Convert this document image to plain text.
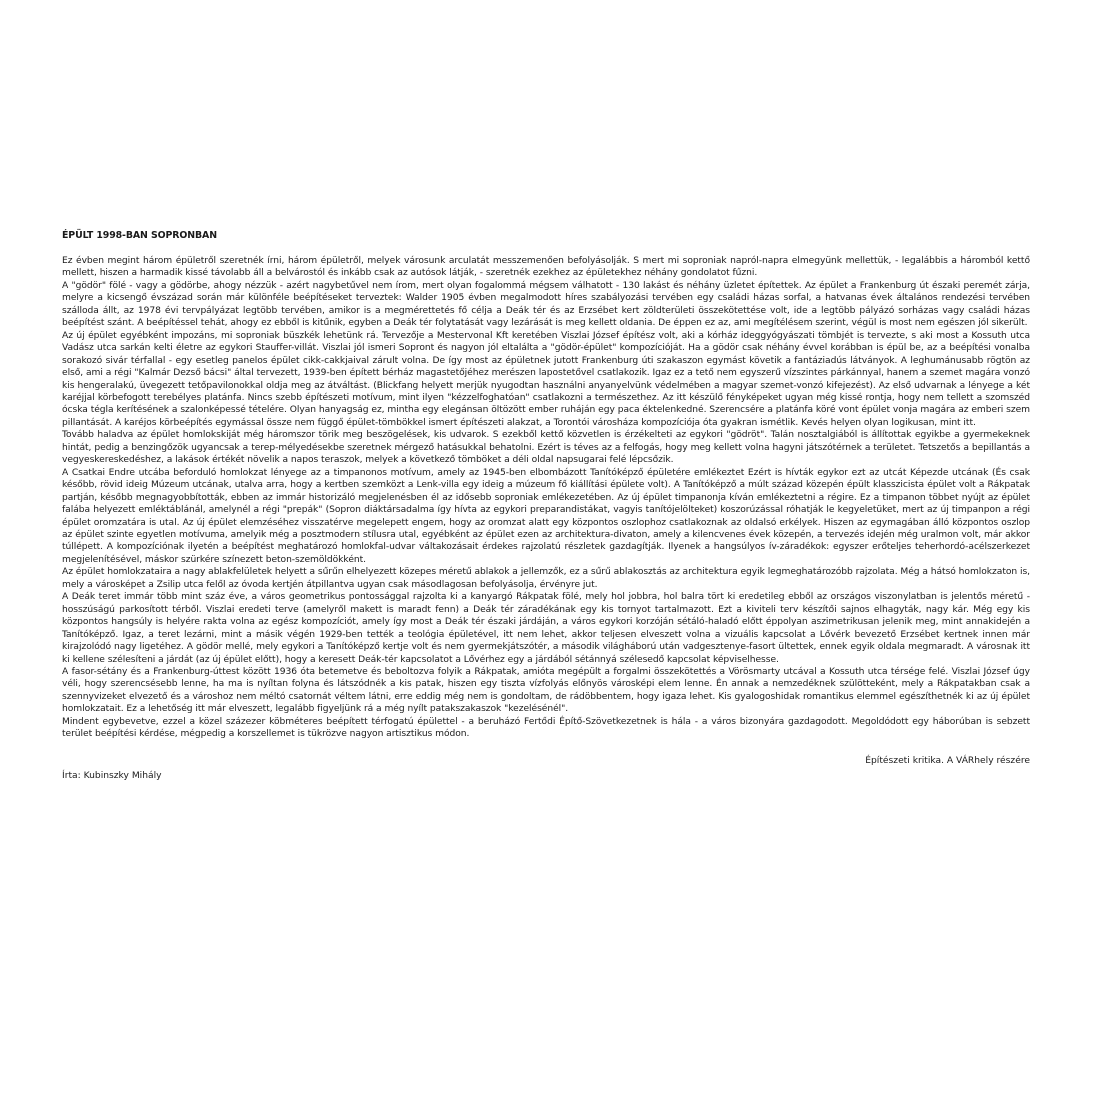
ÉPÜLT 1998-BAN SOPRONBAN

Ez évben megint három épületről szeretnék írni, három épületről, melyek városunk arculatát messzemenően befolyásolják. S mert mi soproniak napról-napra elmegyünk mellettük, - legalábbis a háromból kettő mellett, hiszen a harmadik kissé távolabb áll a belvárostól és inkább csak az autósok látják, - szeretnék ezekhez az épületekhez néhány gondolatot fűzni.

A "gödör" fölé - vagy a gödörbe, ahogy nézzük - azért nagybetűvel nem írom, mert olyan fogalommá mégsem válhatott - 130 lakást és néhány üzletet építettek. Az épület a Frankenburg út északi peremét zárja, melyre a kicsengő évszázad során már különféle beépítéseket terveztek: Walder 1905 évben megalmodott híres szabályozási tervében egy családi házas sorfal, a hatvanas évek általános rendezési tervében szálloda állt, az 1978 évi tervpályázat legtöbb tervében, amikor is a megmérettetés fő célja a Deák tér és az Erzsébet kert zöldterületi összekötettése volt, ide a legtöbb pályázó sorházas vagy családi házas beépítést szánt. A beépítéssel tehát, ahogy ez ebből is kitűnik, egyben a Deák tér folytatását vagy lezárását is meg kellett oldania. De éppen ez az, ami megítélésem szerint, végül is most nem egészen jól sikerült.

Az új épület egyébként impozáns, mi soproniak büszkék lehetünk rá. Tervezője a Mestervonal Kft keretében Viszlai József építész volt, aki a kórház ideggyógyászati tömbjét is tervezte, s aki most a Kossuth utca Vadász utca sarkán kelti életre az egykori Stauffer-villát. Viszlai jól ismeri Sopront és nagyon jól eltalálta a "gödör-épület" kompozícióját. Ha a gödör csak néhány évvel korábban is épül be, az a beépítési vonalba sorakozó sivár térfallal - egy esetleg panelos épület cikk-cakkjaival zárult volna. De így most az épületnek jutott Frankenburg úti szakaszon egymást követik a fantáziadús látványok. A leghumánusabb rögtön az első, ami a régi "Kalmár Dezső bácsi" által tervezett, 1939-ben épített bérház magastetőjéhez merészen lapostetővel csatlakozik. Igaz ez a tető nem egyszerű vízszintes párkánnyal, hanem a szemet magára vonzó kis hengeralakú, üvegezett tetőpavilonokkal oldja meg az átváltást. (Blickfang helyett merjük nyugodtan használni anyanyelvünk védelmében a magyar szemet-vonzó kifejezést). Az első udvarnak a lényege a két karéjjal körbefogott terebélyes platánfa. Nincs szebb építészeti motívum, mint ilyen "kézzelfoghatóan" csatlakozni a természethez. Az itt készülő fényképeket ugyan még kissé rontja, hogy nem tellett a szomszéd ócska tégla kerítésének a szalonképessé tételére. Olyan hanyagság ez, mintha egy elegánsan öltözött ember ruháján egy paca éktelenkedné. Szerencsére a platánfa köré vont épület vonja magára az emberi szem pillantását. A karéjos körbeépítés egymással össze nem függő épület-tömbökkel ismert építészeti alakzat, a Torontói városháza kompozíciója óta gyakran ismétlik. Kevés helyen olyan logikusan, mint itt.

Tovább haladva az épület homlokskiját még háromszor törik meg beszögelések, kis udvarok. S ezekből kettő közvetlen is érzékelteti az egykori "gödröt". Talán nosztalgiából is állítottak egyikbe a gyermekeknek hintát, pedig a benzingőzök ugyancsak a terep-mélyedésekbe szeretnek mérgező hatásukkal behatolni. Ezért is téves az a felfogás, hogy meg kellett volna hagyni játszótérnek a területet. Tetszetős a bepillantás a vegyeskereskedéshez, a lakások értékét növelik a napos teraszok, melyek a következő tömböket a déli oldal napsugarai felé lépcsőzik.

A Csatkai Endre utcába beforduló homlokzat lényege az a timpanonos motívum, amely az 1945-ben elbombázott Tanítóképző épületére emlékeztet Ezért is hívták egykor ezt az utcát Képezde utcának (És csak később, rövid ideig Múzeum utcának, utalva arra, hogy a kertben szemközt a Lenk-villa egy ideig a múzeum fő kiállítási épülete volt). A Tanítóképző a múlt század közepén épült klasszicista épület volt a Rákpatak partján, később megnagyobbították, ebben az immár historizáló megjelenésben él az idősebb soproniak emlékezetében. Az új épület timpanonja kíván emlékeztetni a régire. Ez a timpanon többet nyújt az épület falába helyezett emléktáblánál, amelynél a régi "prepák" (Sopron diáktársadalma így hívta az egykori preparandistákat, vagyis tanítójelölteket) koszorúzással róhatják le kegyeletüket, mert az új timpanpon a régi épület oromzatára is utal. Az új épület elemzéséhez visszatérve megelepett engem, hogy az oromzat alatt egy központos oszlophoz csatlakoznak az oldalsó erkélyek. Hiszen az egymagában álló központos oszlop az épület szinte egyetlen motívuma, amelyik még a posztmodern stílusra utal, egyébként az épület ezen az architektura-divaton, amely a kilencvenes évek közepén, a tervezés idején még uralmon volt, már akkor túllépett. A kompozíciónak ilyetén a beépítést meghatározó homlokfal-udvar váltakozásait érdekes rajzolatú részletek gazdagítják. Ilyenek a hangsúlyos ív-záradékok: egyszer erőteljes teherhordó-acélszerkezet megjelenítésével, máskor szürkére színezett beton-szemöldökként.

Az épület homlokzataira a nagy ablakfelületek helyett a sűrűn elhelyezett közepes méretű ablakok a jellemzők, ez a sűrű ablakosztás az architektura egyik legmeghatározóbb rajzolata. Még a hátsó homlokzaton is, mely a városképet a Zsilip utca felől az óvoda kertjén átpillantva ugyan csak másodlagosan befolyásolja, érvényre jut.

A Deák teret immár több mint száz éve, a város geometrikus pontossággal rajzolta ki a kanyargó Rákpatak fölé, mely hol jobbra, hol balra tört ki eredetileg ebből az országos viszonylatban is jelentős méretű - hosszúságú parkosított térből. Viszlai eredeti terve (amelyről makett is maradt fenn) a Deák tér záradékának egy kis tornyot tartalmazott. Ezt a kiviteli terv készítői sajnos elhagyták, nagy kár. Még egy kis központos hangsúly is helyére rakta volna az egész kompozíciót, amely így most a Deák tér északi járdáján, a város egykori korzóján sétáló-haladó előtt éppolyan aszimetrikusan jelenik meg, mint annakidején a Tanítóképző. Igaz, a teret lezárni, mint a másik végén 1929-ben tették a teológia épületével, itt nem lehet, akkor teljesen elveszett volna a vizuális kapcsolat a Lővérk bevezető Erzsébet kertnek innen már kirajzolódó nagy ligetéhez. A gödör mellé, mely egykori a Tanítóképző kertje volt és nem gyermekjátszótér, a második világháború után vadgesztenye-fasort ültettek, ennek egyik oldala megmaradt. A városnak itt ki kellene szélesíteni a járdát (az új épület előtt), hogy a keresett Deák-tér kapcsolatot a Lővérhez egy a járdából sétánnyá szélesedő kapcsolat képviselhesse.

A fasor-sétány és a Frankenburg-úttest között 1936 óta betemetve és beboltozva folyik a Rákpatak, amióta megépült a forgalmi összekötettés a Vörösmarty utcával a Kossuth utca térsége felé. Viszlai József úgy véli, hogy szerencsésebb lenne, ha ma is nyíltan folyna és látszódnék a kis patak, hiszen egy tiszta vízfolyás előnyös városképi elem lenne. Én annak a nemzedéknek szülötteként, mely a Rákpatakban csak a szennyvizeket elvezető és a városhoz nem méltó csatornát véltem látni, erre eddig még nem is gondoltam, de rádöbbentem, hogy igaza lehet. Kis gyalogoshidak romantikus elemmel egészíthetnék ki az új épület homlokzatait. Ez a lehetőség itt már elveszett, legalább figyeljünk rá a még nyílt patakszakaszok "kezelésénél".

Mindent egybevetve, ezzel a közel százezer köbméteres beépített térfogatú épülettel - a beruházó Fertődi Építő-Szövetkezetnek is hála - a város bizonyára gazdagodott. Megoldódott egy háborúban is sebzett terület beépítési kérdése, mégpedig a korszellemet is tükrözve nagyon artisztikus módon.

Építészeti kritika. A VÁRhely részére
Írta: Kubinszky Mihály
